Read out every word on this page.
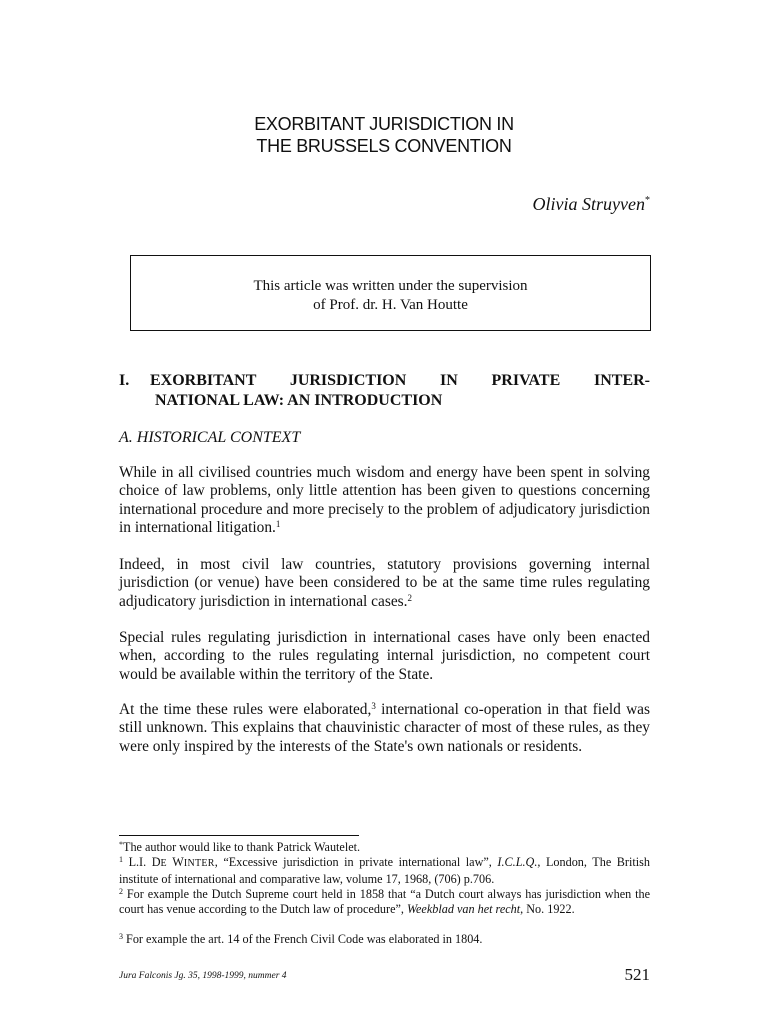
EXORBITANT JURISDICTION IN
THE BRUSSELS CONVENTION
Olivia Struyven*
This article was written under the supervision
of Prof. dr. H. Van Houtte
I. EXORBITANT JURISDICTION IN PRIVATE INTER-
NATIONAL LAW: AN INTRODUCTION
A. HISTORICAL CONTEXT

While in all civilised countries much wisdom and energy have been spent in solving choice of law problems, only little attention has been given to questions concerning international procedure and more precisely to the problem of adjudicatory jurisdiction in international litigation.$^1$

Indeed, in most civil law countries, statutory provisions governing internal jurisdiction (or venue) have been considered to be at the same time rules regulating adjudicatory jurisdiction in international cases.$^2$

Special rules regulating jurisdiction in international cases have only been enacted when, according to the rules regulating internal jurisdiction, no competent court would be available within the territory of the State.

At the time these rules were elaborated,$^3$ international co-operation in that field was still unknown. This explains that chauvinistic character of most of these rules, as they were only inspired by the interests of the State's own nationals or residents.

*The author would like to thank Patrick Wautelet.

$^1$ L.I. DE WINTER, “Excessive jurisdiction in private international law”, I.C.L.Q., London, The British institute of international and comparative law, volume 17, 1968, (706) p.706.

$^2$ For example the Dutch Supreme court held in 1858 that “a Dutch court always has jurisdiction when the court has venue according to the Dutch law of procedure”, Weekblad van het recht, No. 1922.

$^3$ For example the art. 14 of the French Civil Code was elaborated in 1804.

Jura Falconis Jg. 35, 1998-1999, nummer 4	521
